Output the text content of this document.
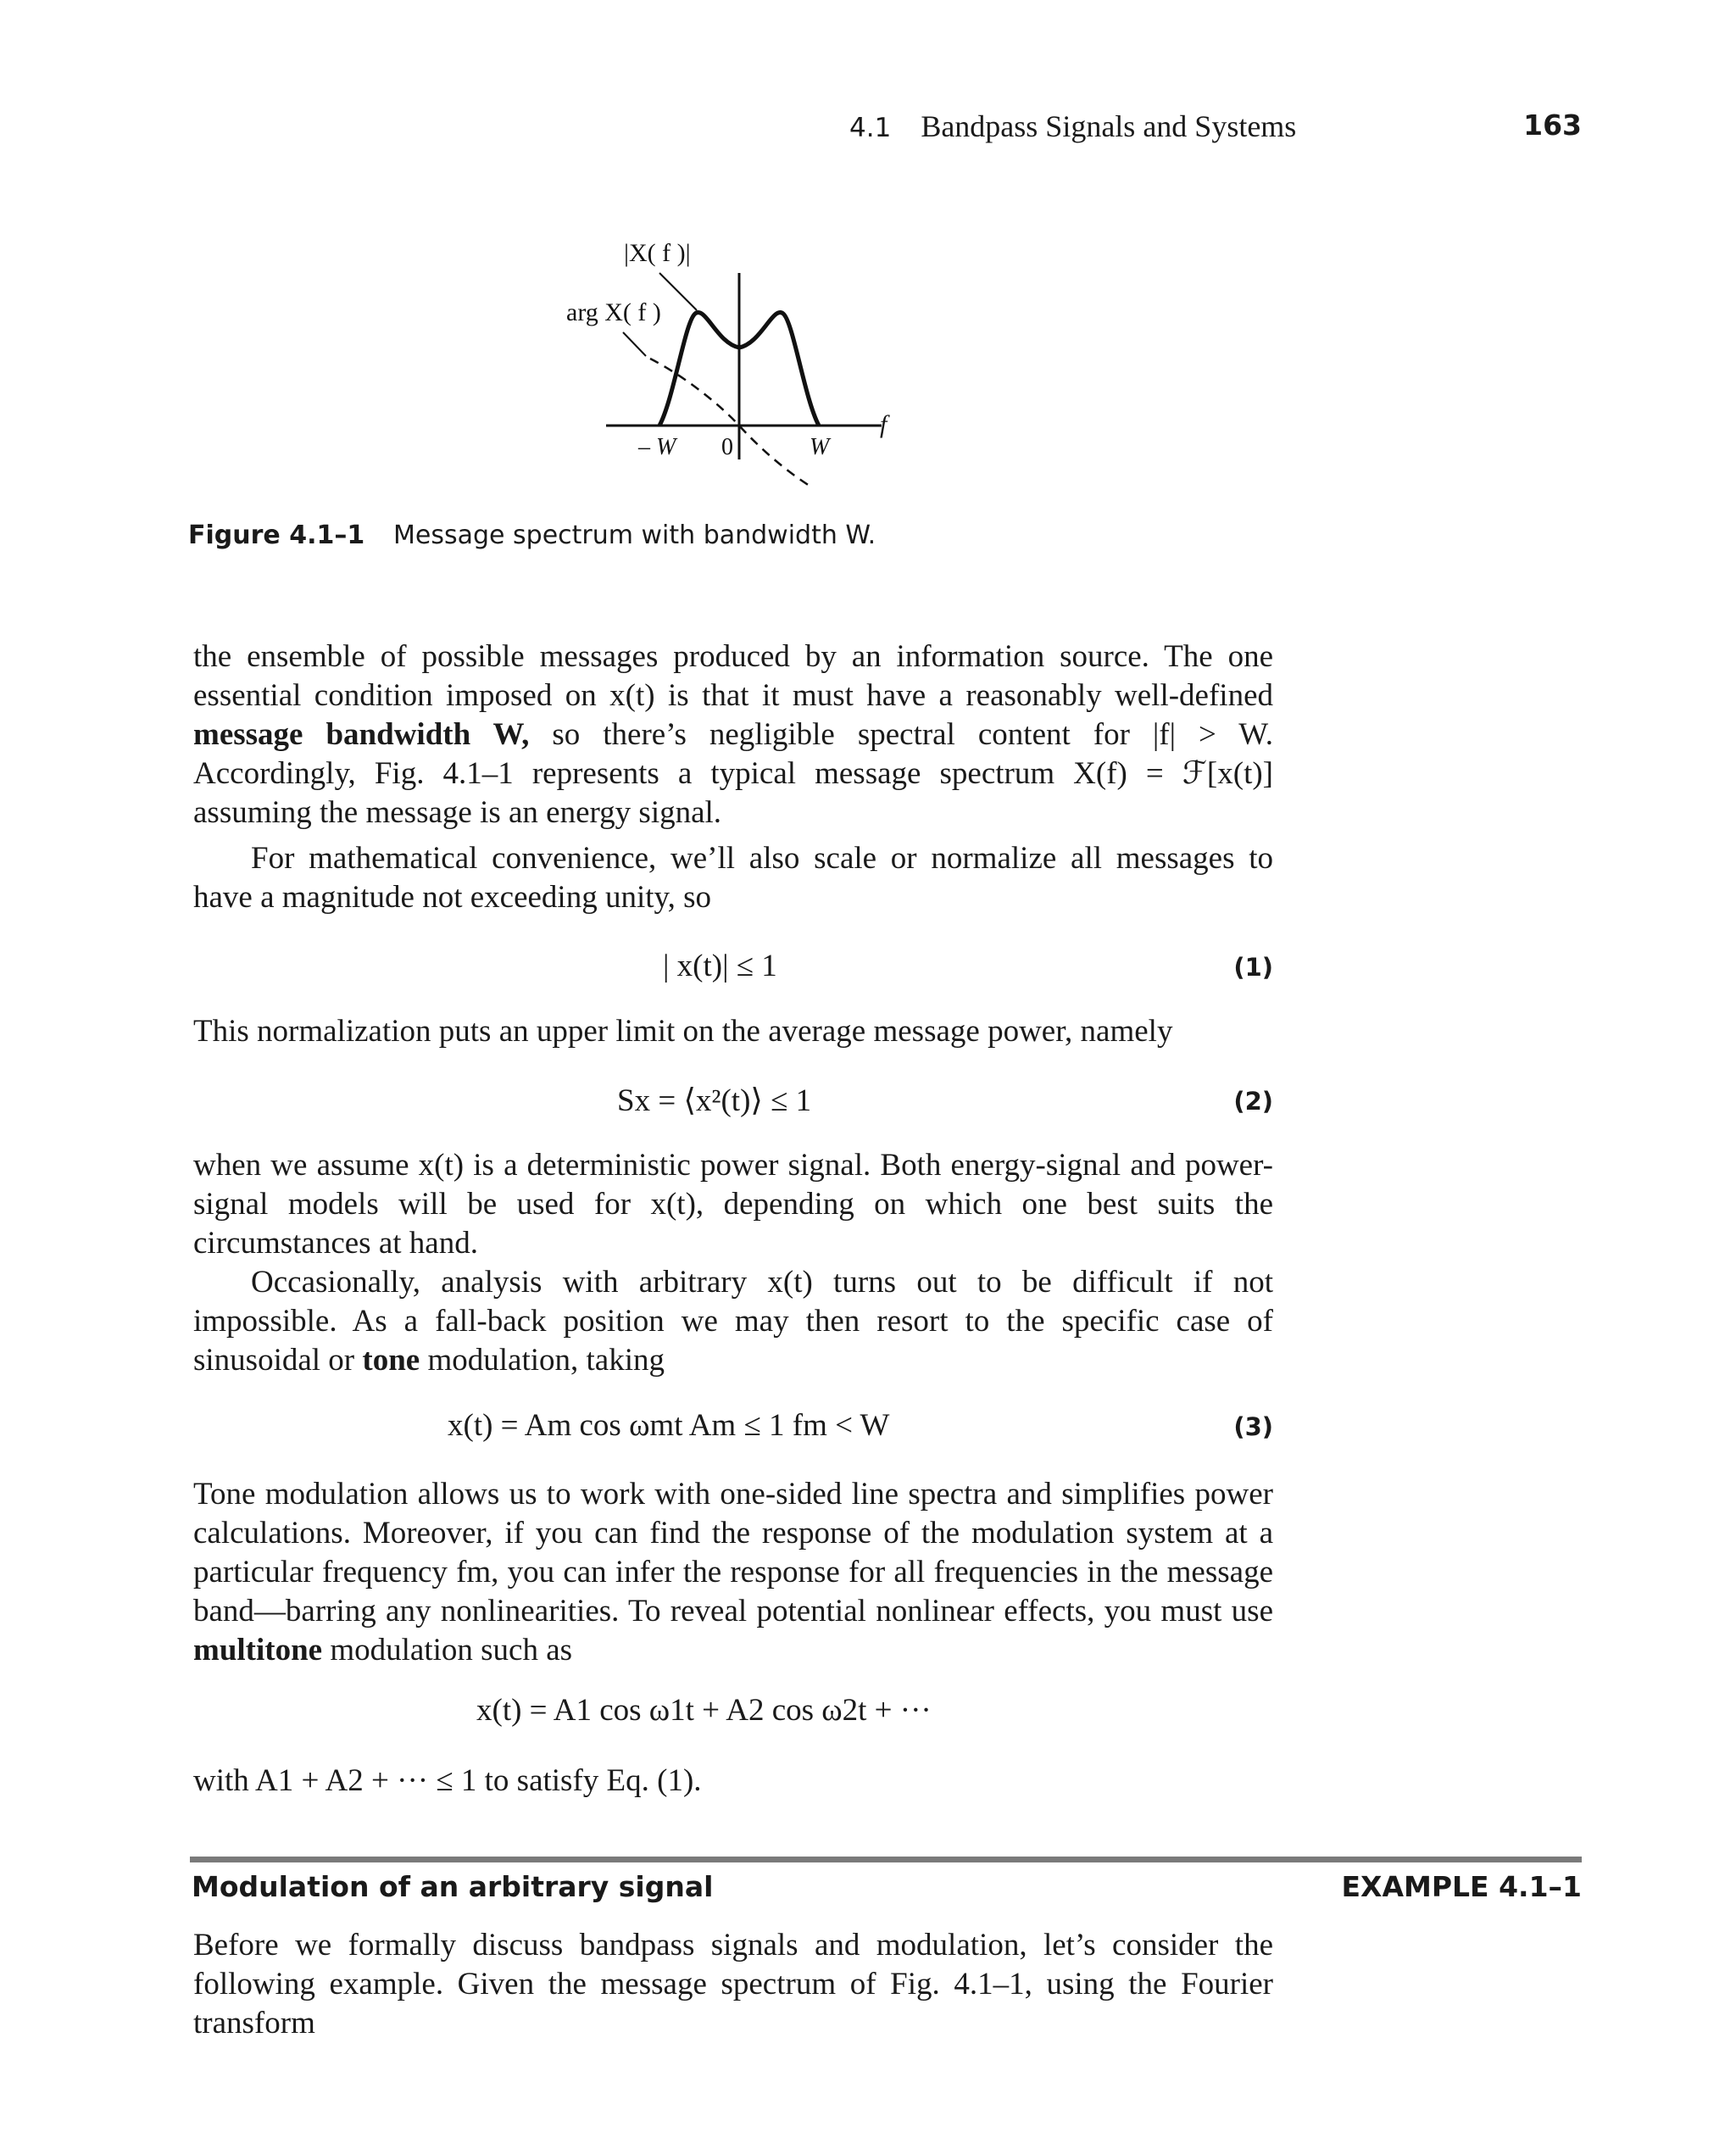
4.1 Bandpass Signals and Systems	163
|X( f )|
arg X( f )
– W 0	W
f
Figure 4.1–1 Message spectrum with bandwidth W.

the ensemble of possible messages produced by an information source. The one essential condition imposed on x(t) is that it must have a reasonably well-defined message bandwidth W, so there’s negligible spectral content for |f| > W. Accordingly, Fig. 4.1–1 represents a typical message spectrum X(f) = ℱ[x(t)] assuming the message is an energy signal.

For mathematical convenience, we’ll also scale or normalize all messages to have a magnitude not exceeding unity, so

| x(t)| ≤ 1	(1)

This normalization puts an upper limit on the average message power, namely

Sx = ⟨x²(t)⟩ ≤ 1	(2)

when we assume x(t) is a deterministic power signal. Both energy-signal and power-signal models will be used for x(t), depending on which one best suits the circumstances at hand.

Occasionally, analysis with arbitrary x(t) turns out to be difficult if not impossible. As a fall-back position we may then resort to the specific case of sinusoidal or tone modulation, taking

x(t) = Am cos ωmt Am ≤ 1 fm < W	(3)

Tone modulation allows us to work with one-sided line spectra and simplifies power calculations. Moreover, if you can find the response of the modulation system at a particular frequency fm, you can infer the response for all frequencies in the message band—barring any nonlinearities. To reveal potential nonlinear effects, you must use multitone modulation such as

x(t) = A1 cos ω1t + A2 cos ω2t + ···

with A1 + A2 + ··· ≤ 1 to satisfy Eq. (1).

Modulation of an arbitrary signal	EXAMPLE 4.1–1

Before we formally discuss bandpass signals and modulation, let’s consider the following example. Given the message spectrum of Fig. 4.1–1, using the Fourier transform
